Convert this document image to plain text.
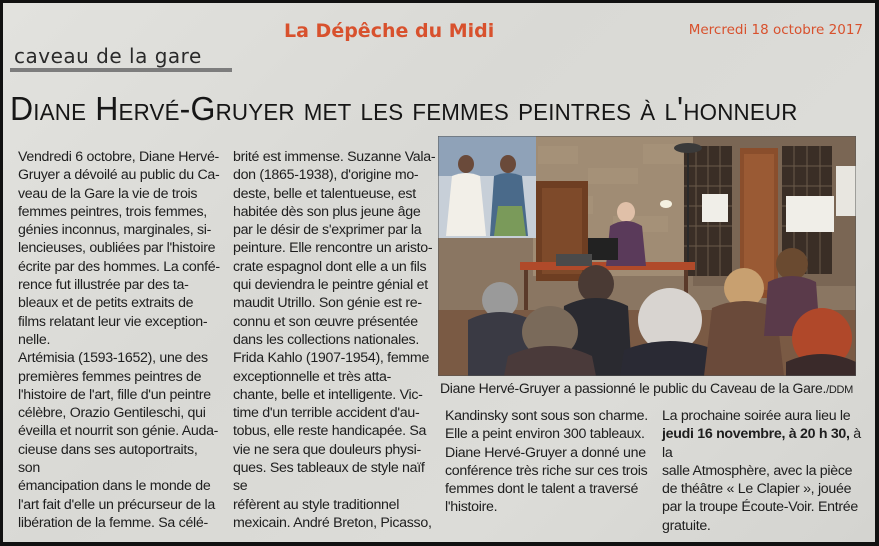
La Dépêche du Midi	Mercredi 18 octobre 2017
caveau de la gare
Diane Hervé-Gruyer met les femmes peintres à l'honneur

Vendredi 6 octobre, Diane Hervé-

Gruyer a dévoilé au public du Ca-

veau de la Gare la vie de trois

femmes peintres, trois femmes,

génies inconnus, marginales, si-

lencieuses, oubliées par l'histoire

écrite par des hommes. La confé-

rence fut illustrée par des ta-

bleaux et de petits extraits de

films relatant leur vie exception-

nelle.

Artémisia (1593-1652), une des

premières femmes peintres de

l'histoire de l'art, fille d'un peintre

célèbre, Orazio Gentileschi, qui

éveilla et nourrit son génie. Auda-

cieuse dans ses autoportraits, son

émancipation dans le monde de

l'art fait d'elle un précurseur de la

libération de la femme. Sa célé-

brité est immense. Suzanne Vala-

don (1865-1938), d'origine mo-

deste, belle et talentueuse, est

habitée dès son plus jeune âge

par le désir de s'exprimer par la

peinture. Elle rencontre un aristo-

crate espagnol dont elle a un fils

qui deviendra le peintre génial et

maudit Utrillo. Son génie est re-

connu et son œuvre présentée

dans les collections nationales.

Frida Kahlo (1907-1954), femme

exceptionnelle et très atta-

chante, belle et intelligente. Vic-

time d'un terrible accident d'au-

tobus, elle reste handicapée. Sa

vie ne sera que douleurs physi-

ques. Ses tableaux de style naïf se

réfèrent au style traditionnel

mexicain. André Breton, Picasso,

Diane Hervé-Gruyer a passionné le public du Caveau de la Gare./DDM

Kandinsky sont sous son charme.

Elle a peint environ 300 tableaux.

Diane Hervé-Gruyer a donné une

conférence très riche sur ces trois

femmes dont le talent a traversé

l'histoire.

La prochaine soirée aura lieu le

jeudi 16 novembre, à 20 h 30, à la

salle Atmosphère, avec la pièce

de théâtre « Le Clapier », jouée

par la troupe Écoute-Voir. Entrée

gratuite.
